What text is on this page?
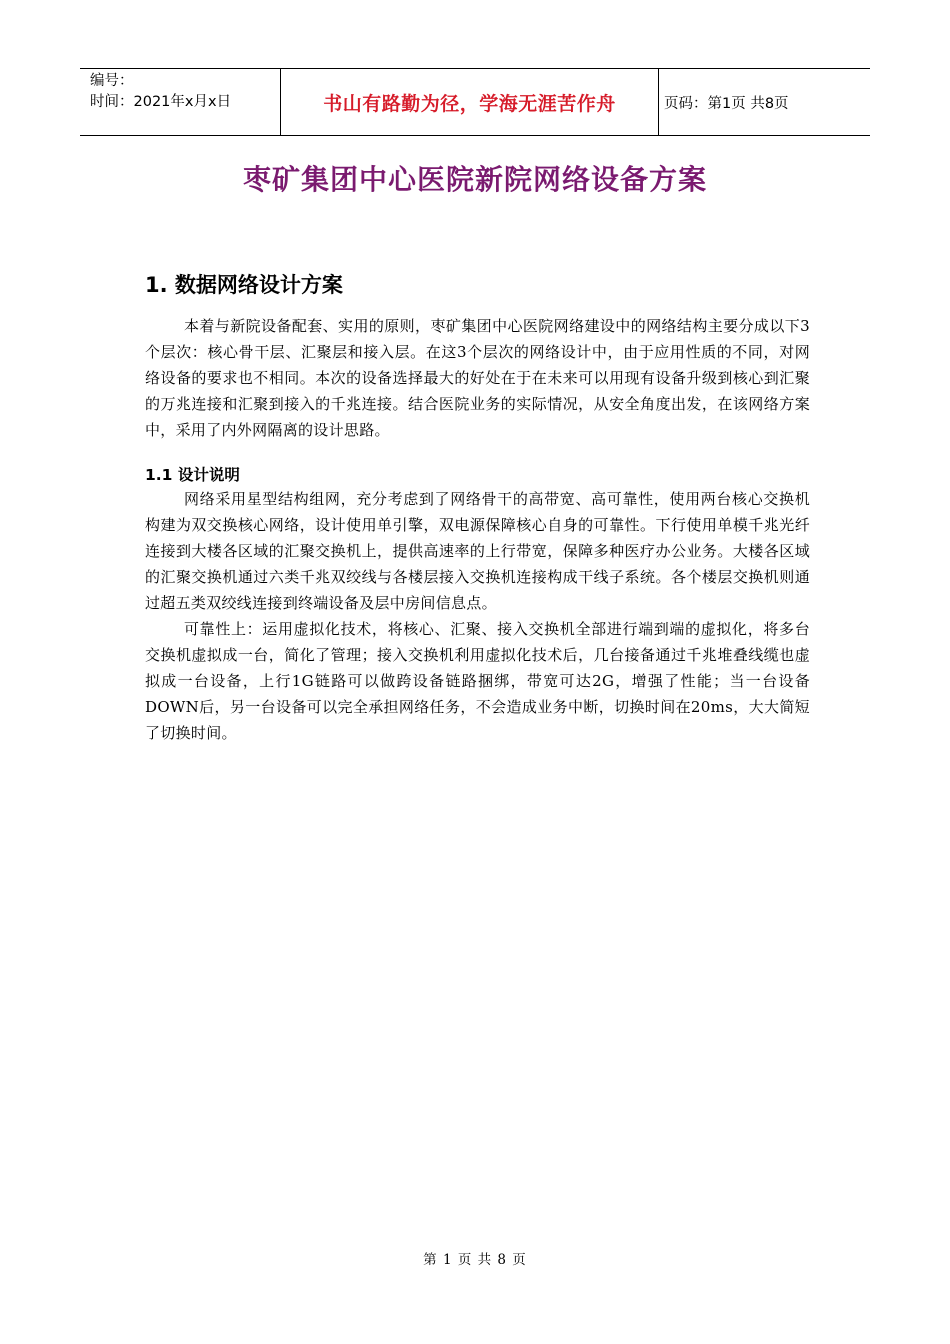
编号：
时间：2021年x月x日	书山有路勤为径，学海无涯苦作舟	页码：第1页 共8页
枣矿集团中心医院新院网络设备方案
1. 数据网络设计方案

本着与新院设备配套、实用的原则，枣矿集团中心医院网络建设中的网络结构主要分成以下3个层次：核心骨干层、汇聚层和接入层。在这3个层次的网络设计中，由于应用性质的不同，对网络设备的要求也不相同。本次的设备选择最大的好处在于在未来可以用现有设备升级到核心到汇聚的万兆连接和汇聚到接入的千兆连接。结合医院业务的实际情况，从安全角度出发，在该网络方案中，采用了内外网隔离的设计思路。

1.1 设计说明

网络采用星型结构组网，充分考虑到了网络骨干的高带宽、高可靠性，使用两台核心交换机构建为双交换核心网络，设计使用单引擎，双电源保障核心自身的可靠性。下行使用单模千兆光纤连接到大楼各区域的汇聚交换机上，提供高速率的上行带宽，保障多种医疗办公业务。大楼各区域的汇聚交换机通过六类千兆双绞线与各楼层接入交换机连接构成干线子系统。各个楼层交换机则通过超五类双绞线连接到终端设备及层中房间信息点。

可靠性上：运用虚拟化技术，将核心、汇聚、接入交换机全部进行端到端的虚拟化，将多台交换机虚拟成一台，简化了管理；接入交换机利用虚拟化技术后，几台接备通过千兆堆叠线缆也虚拟成一台设备，上行1G链路可以做跨设备链路捆绑，带宽可达2G，增强了性能；当一台设备DOWN后，另一台设备可以完全承担网络任务，不会造成业务中断，切换时间在20ms，大大简短了切换时间。

第 1 页 共 8 页
